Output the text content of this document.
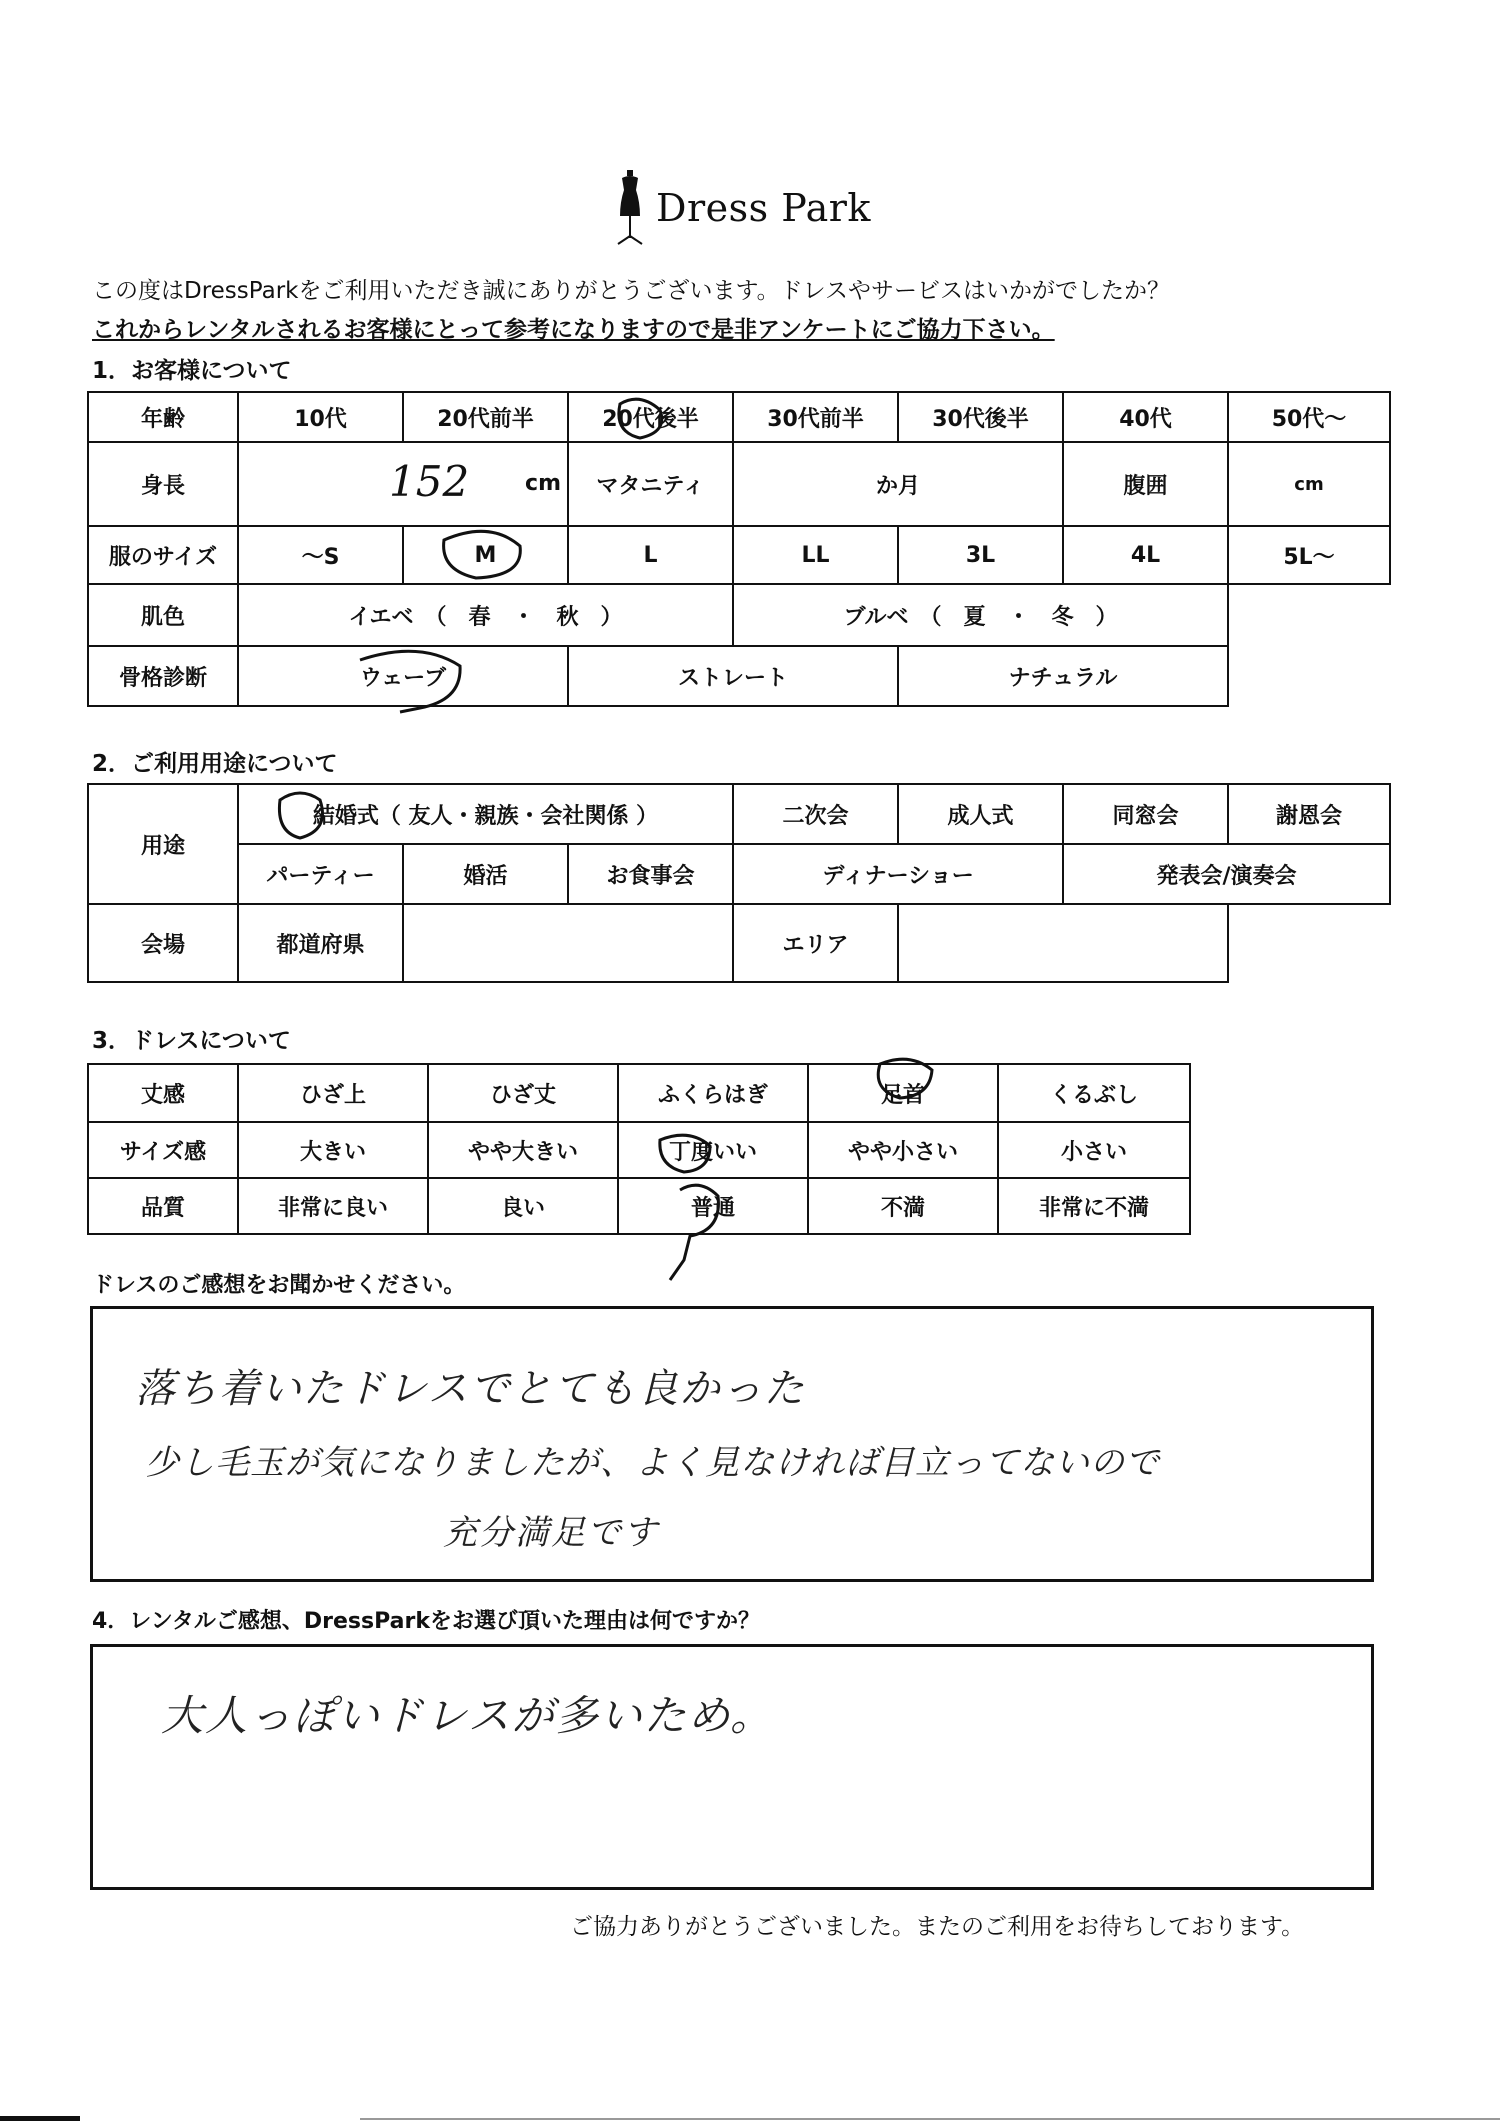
Dress Park
この度はDressParkをご利用いただき誠にありがとうございます。ドレスやサービスはいかがでしたか？
これからレンタルされるお客様にとって参考になりますので是非アンケートにご協力下さい。
1．お客様について
年齢	10代	20代前半	20代後半	30代前半	30代後半	40代	50代～
身長	152 cm		マタニティ	か月		腹囲	cm
服のサイズ	～S	M	L	LL	3L	4L	5L～
肌色	イエベ　（　春　・　秋　）			ブルベ　（　夏　・　冬　）			
骨格診断	ウェーブ		ストレート		ナチュラル		
2．ご利用用途について
用途	結婚式（ 友人・親族・会社関係 ）			二次会	成人式	同窓会	謝恩会
	パーティー	婚活	お食事会	ディナーショー		発表会/演奏会	
会場	都道府県			エリア			
3．ドレスについて
丈感	ひざ上	ひざ丈	ふくらはぎ	足首	くるぶし
サイズ感	大きい	やや大きい	丁度いい	やや小さい	小さい
品質	非常に良い	良い	普通	不満	非常に不満
ドレスのご感想をお聞かせください。
落ち着いたドレスでとても良かった
少し毛玉が気になりましたが、よく見なければ目立ってないので
充分満足です
4．レンタルご感想、DressParkをお選び頂いた理由は何ですか？
大人っぽいドレスが多いため。
ご協力ありがとうございました。またのご利用をお待ちしております。
